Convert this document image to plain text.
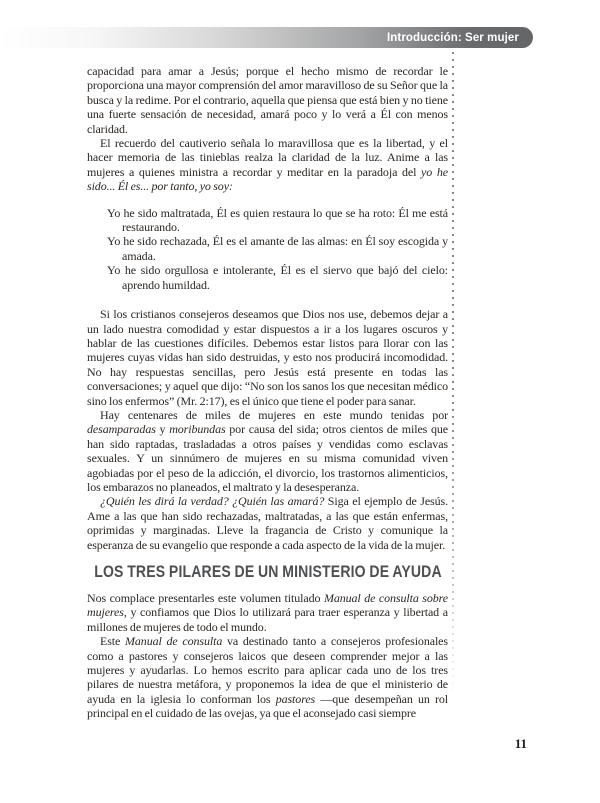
Introducción: Ser mujer

capacidad para amar a Jesús; porque el hecho mismo de recordar le proporciona una mayor comprensión del amor maravilloso de su Señor que la busca y la redime. Por el contrario, aquella que piensa que está bien y no tiene una fuerte sensación de necesidad, amará poco y lo verá a Él con menos claridad.

El recuerdo del cautiverio señala lo maravillosa que es la libertad, y el hacer memoria de las tinieblas realza la claridad de la luz. Anime a las mujeres a quienes ministra a recordar y meditar en la paradoja del yo he sido... Él es... por tanto, yo soy:

Yo he sido maltratada, Él es quien restaura lo que se ha roto: Él me está restaurando.

Yo he sido rechazada, Él es el amante de las almas: en Él soy escogida y amada.

Yo he sido orgullosa e intolerante, Él es el siervo que bajó del cielo: aprendo humildad.

Si los cristianos consejeros deseamos que Dios nos use, debemos dejar a un lado nuestra comodidad y estar dispuestos a ir a los lugares oscuros y hablar de las cuestiones difíciles. Debemos estar listos para llorar con las mujeres cuyas vidas han sido destruidas, y esto nos producirá incomodidad. No hay respuestas sencillas, pero Jesús está presente en todas las conversaciones; y aquel que dijo: “No son los sanos los que necesitan médico sino los enfermos” (Mr. 2:17), es el único que tiene el poder para sanar.

Hay centenares de miles de mujeres en este mundo tenidas por desamparadas y moribundas por causa del sida; otros cientos de miles que han sido raptadas, trasladadas a otros países y vendidas como esclavas sexuales. Y un sinnúmero de mujeres en su misma comunidad viven agobiadas por el peso de la adicción, el divorcio, los trastornos alimenticios, los embarazos no planeados, el maltrato y la desesperanza.

¿Quién les dirá la verdad? ¿Quién las amará? Siga el ejemplo de Jesús. Ame a las que han sido rechazadas, maltratadas, a las que están enfermas, oprimidas y marginadas. Lleve la fragancia de Cristo y comunique la esperanza de su evangelio que responde a cada aspecto de la vida de la mujer.

LOS TRES PILARES DE UN MINISTERIO DE AYUDA

Nos complace presentarles este volumen titulado Manual de consulta sobre mujeres, y confiamos que Dios lo utilizará para traer esperanza y libertad a millones de mujeres de todo el mundo.

Este Manual de consulta va destinado tanto a consejeros profesionales como a pastores y consejeros laicos que deseen comprender mejor a las mujeres y ayudarlas. Lo hemos escrito para aplicar cada uno de los tres pilares de nuestra metáfora, y proponemos la idea de que el ministerio de ayuda en la iglesia lo conforman los pastores —que desempeñan un rol principal en el cuidado de las ovejas, ya que el aconsejado casi siempre

11
